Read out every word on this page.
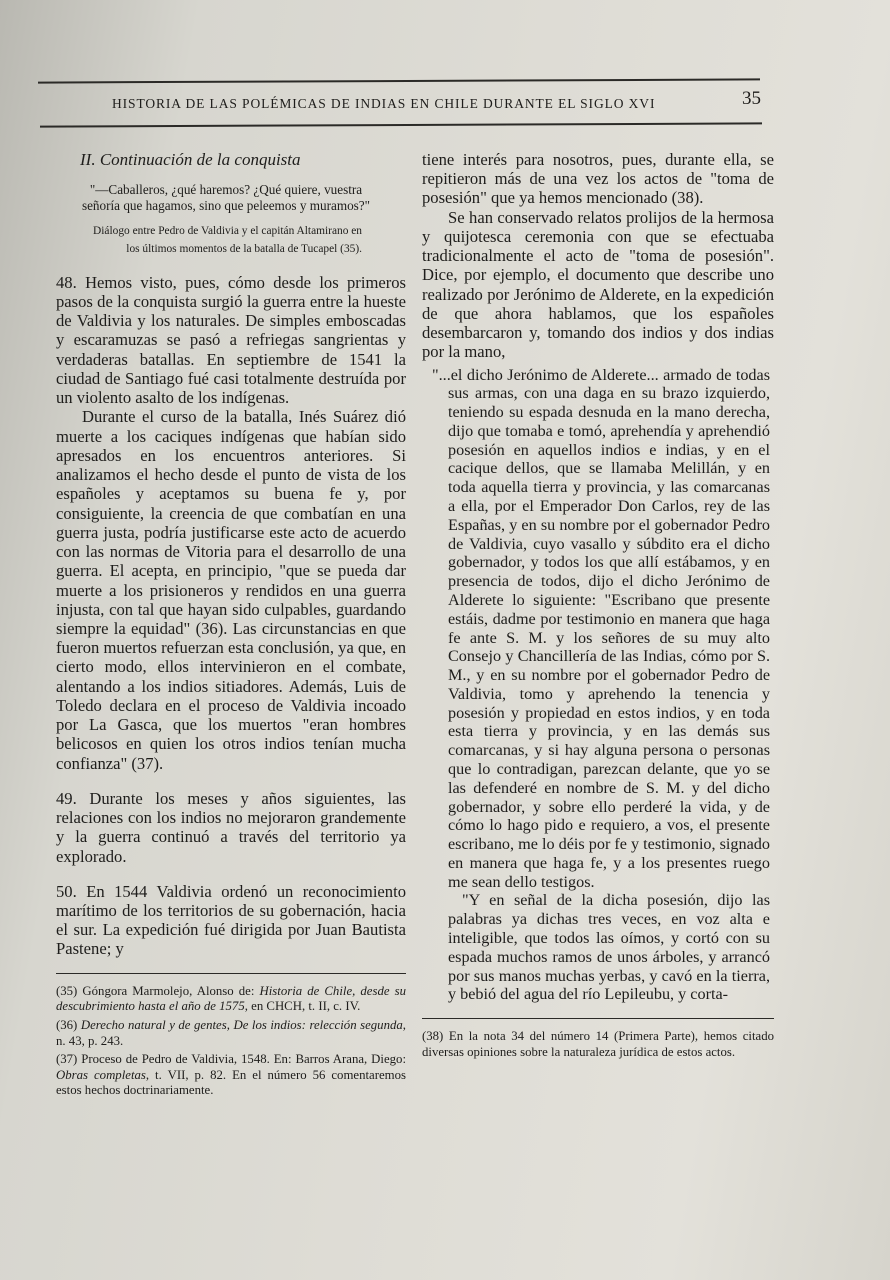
HISTORIA DE LAS POLÉMICAS DE INDIAS EN CHILE DURANTE EL SIGLO XVI	35
II. Continuación de la conquista
"—Caballeros, ¿qué haremos? ¿Qué quiere, vuestra señoría que hagamos, sino que peleemos y muramos?"
Diálogo entre Pedro de Valdivia y el capitán Altamirano en los últimos momentos de la batalla de Tucapel (35).

48. Hemos visto, pues, cómo desde los primeros pasos de la conquista surgió la guerra entre la hueste de Valdivia y los naturales. De simples emboscadas y escaramuzas se pasó a refriegas sangrientas y verdaderas batallas. En septiembre de 1541 la ciudad de Santiago fué casi totalmente destruída por un violento asalto de los indígenas.

Durante el curso de la batalla, Inés Suárez dió muerte a los caciques indígenas que habían sido apresados en los encuentros anteriores. Si analizamos el hecho desde el punto de vista de los españoles y aceptamos su buena fe y, por consiguiente, la creencia de que combatían en una guerra justa, podría justificarse este acto de acuerdo con las normas de Vitoria para el desarrollo de una guerra. El acepta, en principio, "que se pueda dar muerte a los prisioneros y rendidos en una guerra injusta, con tal que hayan sido culpables, guardando siempre la equidad" (36). Las circunstancias en que fueron muertos refuerzan esta conclusión, ya que, en cierto modo, ellos intervinieron en el combate, alentando a los indios sitiadores. Además, Luis de Toledo declara en el proceso de Valdivia incoado por La Gasca, que los muertos "eran hombres belicosos en quien los otros indios tenían mucha confianza" (37).

49. Durante los meses y años siguientes, las relaciones con los indios no mejoraron grandemente y la guerra continuó a través del territorio ya explorado.

50. En 1544 Valdivia ordenó un reconocimiento marítimo de los territorios de su gobernación, hacia el sur. La expedición fué dirigida por Juan Bautista Pastene; y

(35) Góngora Marmolejo, Alonso de: Historia de Chile, desde su descubrimiento hasta el año de 1575, en CHCH, t. II, c. IV.

(36) Derecho natural y de gentes, De los indios: relección segunda, n. 43, p. 243.

(37) Proceso de Pedro de Valdivia, 1548. En: Barros Arana, Diego: Obras completas, t. VII, p. 82. En el número 56 comentaremos estos hechos doctrinariamente.

tiene interés para nosotros, pues, durante ella, se repitieron más de una vez los actos de "toma de posesión" que ya hemos mencionado (38).

Se han conservado relatos prolijos de la hermosa y quijotesca ceremonia con que se efectuaba tradicionalmente el acto de "toma de posesión". Dice, por ejemplo, el documento que describe uno realizado por Jerónimo de Alderete, en la expedición de que ahora hablamos, que los españoles desembarcaron y, tomando dos indios y dos indias por la mano,

"...el dicho Jerónimo de Alderete... armado de todas sus armas, con una daga en su brazo izquierdo, teniendo su espada desnuda en la mano derecha, dijo que tomaba e tomó, aprehendía y aprehendió posesión en aquellos indios e indias, y en el cacique dellos, que se llamaba Melillán, y en toda aquella tierra y provincia, y las comarcanas a ella, por el Emperador Don Carlos, rey de las Españas, y en su nombre por el gobernador Pedro de Valdivia, cuyo vasallo y súbdito era el dicho gobernador, y todos los que allí estábamos, y en presencia de todos, dijo el dicho Jerónimo de Alderete lo siguiente: "Escribano que presente estáis, dadme por testimonio en manera que haga fe ante S. M. y los señores de su muy alto Consejo y Chancillería de las Indias, cómo por S. M., y en su nombre por el gobernador Pedro de Valdivia, tomo y aprehendo la tenencia y posesión y propiedad en estos indios, y en toda esta tierra y provincia, y en las demás sus comarcanas, y si hay alguna persona o personas que lo contradigan, parezcan delante, que yo se las defenderé en nombre de S. M. y del dicho gobernador, y sobre ello perderé la vida, y de cómo lo hago pido e requiero, a vos, el presente escribano, me lo déis por fe y testimonio, signado en manera que haga fe, y a los presentes ruego me sean dello testigos.

"Y en señal de la dicha posesión, dijo las palabras ya dichas tres veces, en voz alta e inteligible, que todos las oímos, y cortó con su espada muchos ramos de unos árboles, y arrancó por sus manos muchas yerbas, y cavó en la tierra, y bebió del agua del río Lepileubu, y corta-

(38) En la nota 34 del número 14 (Primera Parte), hemos citado diversas opiniones sobre la naturaleza jurídica de estos actos.
